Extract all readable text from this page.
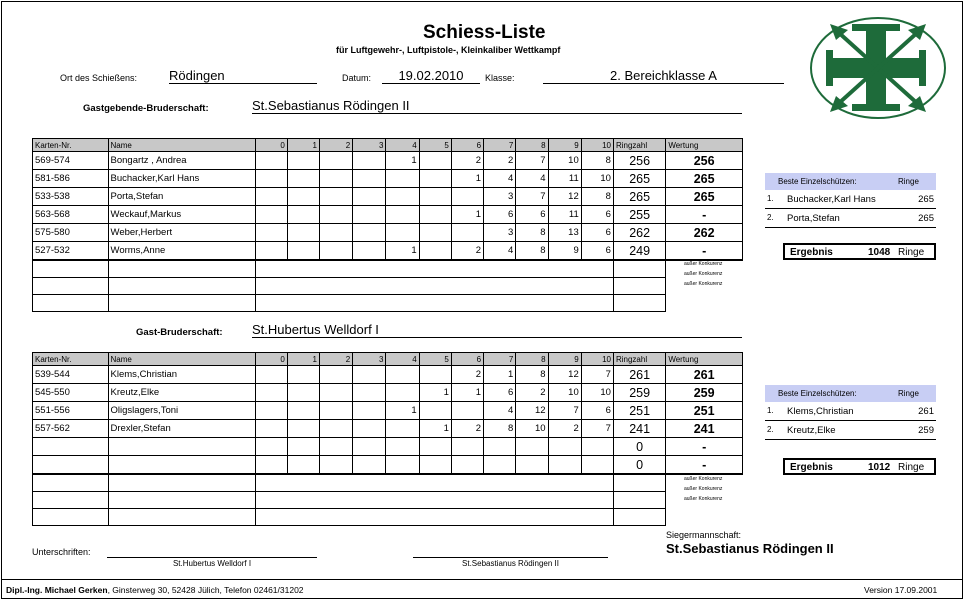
Schiess-Liste
für Luftgewehr-, Luftpistole-, Kleinkaliber Wettkampf
Ort des Schießens: Rödingen	Datum:	19.02.2010	Klasse:	2. Bereichklasse A
Gastgebende-Bruderschaft:	St.Sebastianus Rödingen II
Karten-Nr.	Name	0	1	2	3	4	5	6	7	8	9	10	Ringzahl	Wertung
569-574	Bongartz , Andrea					1		2	2	7	10	8	256	256
581-586	Buchacker,Karl Hans							1	4	4	11	10	265	265
533-538	Porta,Stefan								3	7	12	8	265	265
563-568	Weckauf,Markus							1	6	6	11	6	255	-
575-580	Weber,Herbert								3	8	13	6	262	262
527-532	Worms,Anne					1		2	4	8	9	6	249	-

außer Konkurenz
außer Konkurenz
außer Konkurenz
Beste Einzelschützen:	Ringe
1. Buchacker,Karl Hans	265
2. Porta,Stefan	265
Ergebnis	1048 Ringe
Gast-Bruderschaft: St.Hubertus Welldorf I
Karten-Nr.	Name	0	1	2	3	4	5	6	7	8	9	10	Ringzahl	Wertung
539-544	Klems,Christian							2	1	8	12	7	261	261
545-550	Kreutz,Elke						1	1	6	2	10	10	259	259
551-556	Oligslagers,Toni					1			4	12	7	6	251	251
557-562	Drexler,Stefan						1	2	8	10	2	7	241	241
													0	-
													0	-

außer Konkurenz
außer Konkurenz
außer Konkurenz
Beste Einzelschützen:	Ringe
1. Klems,Christian	261
2. Kreutz,Elke	259
Ergebnis	1012 Ringe
Unterschriften:
St.Hubertus Welldorf I	St.Sebastianus Rödingen II
Siegermannschaft:
St.Sebastianus Rödingen II
Dipl.-Ing. Michael Gerken, Ginsterweg 30, 52428 Jülich, Telefon 02461/31202	Version 17.09.2001
